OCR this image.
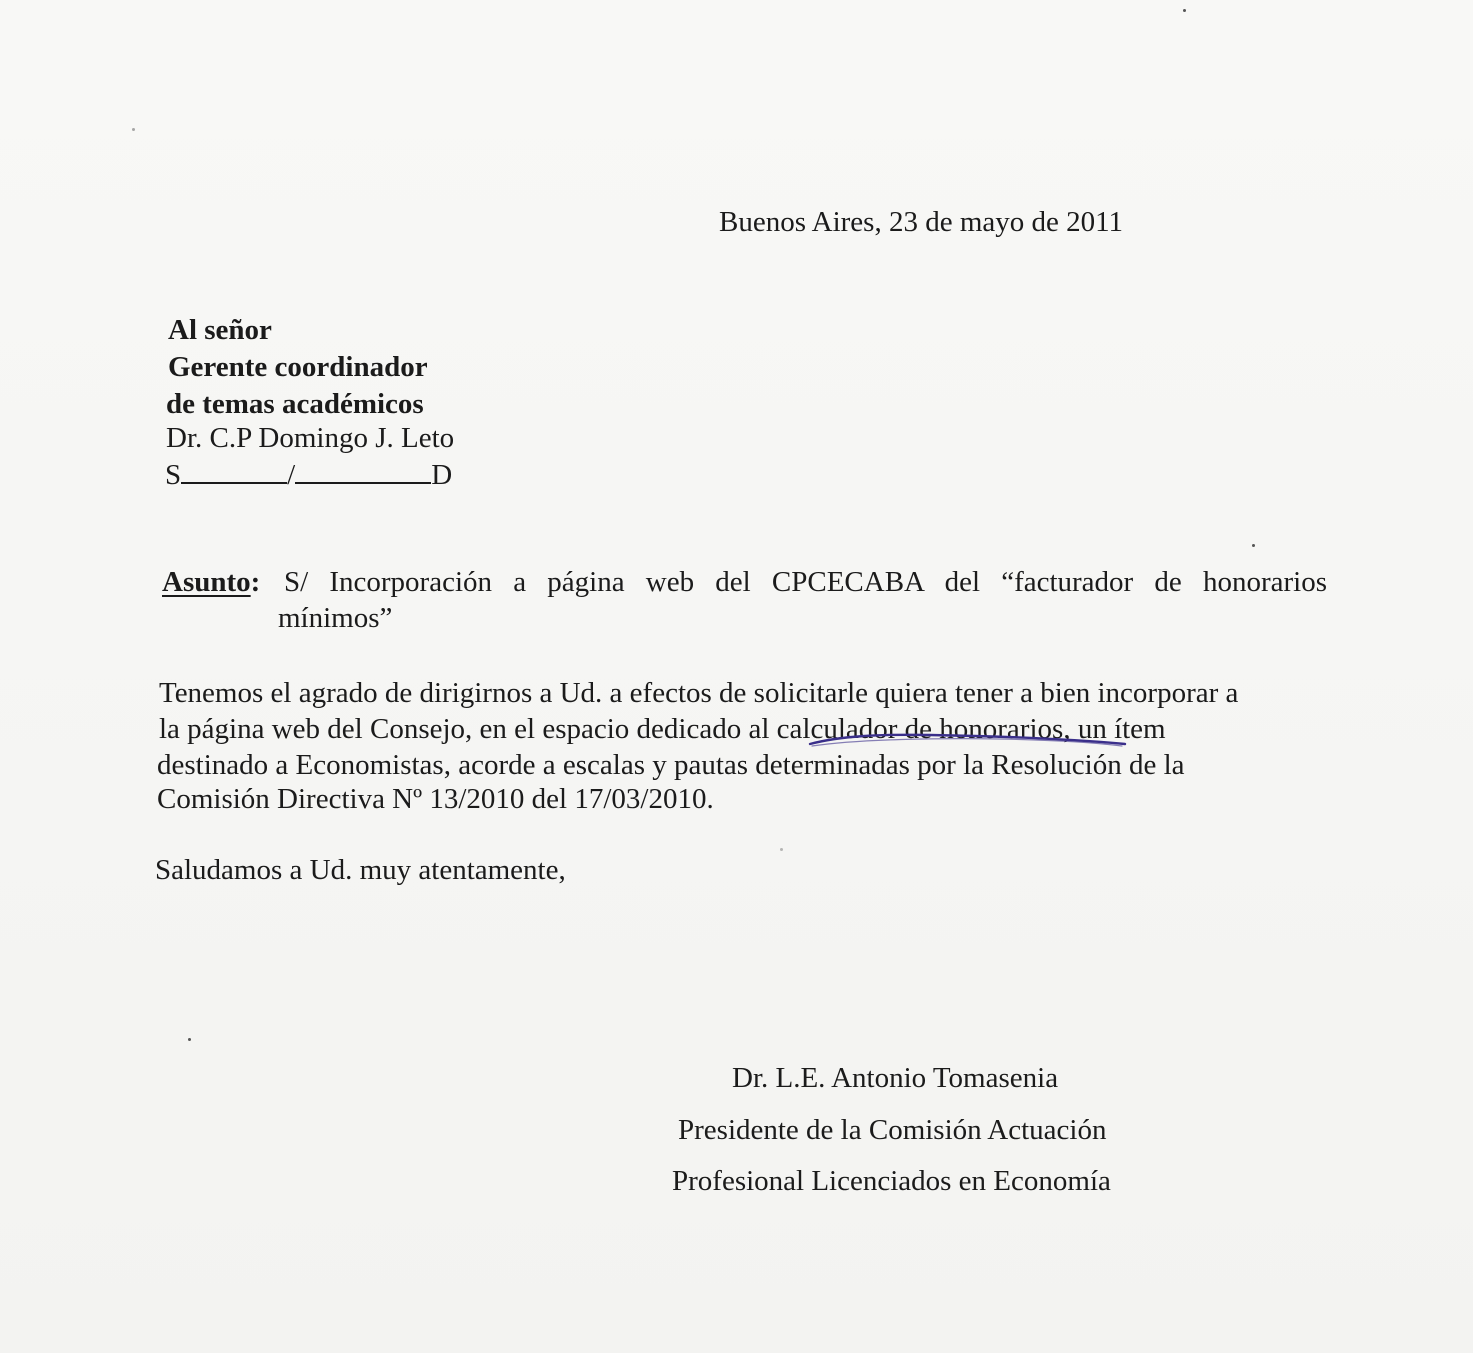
Buenos Aires, 23 de mayo de 2011
Al señor
Gerente coordinador
de temas académicos
Dr. C.P Domingo J. Leto
S	/	D
Asunto: S/ Incorporación a página web del CPCECABA del “facturador de honorarios
mínimos”
Tenemos el agrado de dirigirnos a Ud. a efectos de solicitarle quiera tener a bien incorporar a
la página web del Consejo, en el espacio dedicado al calculador de honorarios, un ítem
destinado a Economistas, acorde a escalas y pautas determinadas por la Resolución de la
Comisión Directiva Nº 13/2010 del 17/03/2010.
Saludamos a Ud. muy atentamente,
Dr. L.E. Antonio Tomasenia
Presidente de la Comisión Actuación
Profesional Licenciados en Economía
